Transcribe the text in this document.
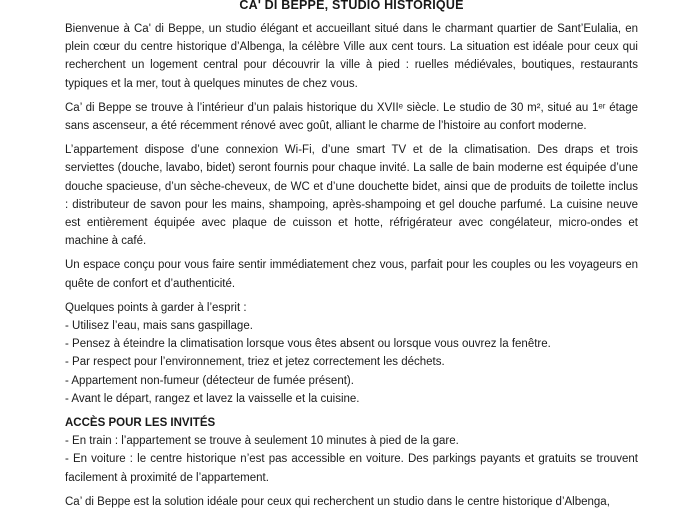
CA' DI BEPPE, STUDIO HISTORIQUE

Bienvenue à Ca' di Beppe, un studio élégant et accueillant situé dans le charmant quartier de Sant’Eulalia, en plein cœur du centre historique d’Albenga, la célèbre Ville aux cent tours. La situation est idéale pour ceux qui recherchent un logement central pour découvrir la ville à pied : ruelles médiévales, boutiques, restaurants typiques et la mer, tout à quelques minutes de chez vous.

Ca’ di Beppe se trouve à l’intérieur d’un palais historique du XVIIᵉ siècle. Le studio de 30 m², situé au 1ᵉʳ étage sans ascenseur, a été récemment rénové avec goût, alliant le charme de l’histoire au confort moderne.

L’appartement dispose d’une connexion Wi-Fi, d’une smart TV et de la climatisation. Des draps et trois serviettes (douche, lavabo, bidet) seront fournis pour chaque invité. La salle de bain moderne est équipée d’une douche spacieuse, d’un sèche-cheveux, de WC et d’une douchette bidet, ainsi que de produits de toilette inclus : distributeur de savon pour les mains, shampoing, après-shampoing et gel douche parfumé. La cuisine neuve est entièrement équipée avec plaque de cuisson et hotte, réfrigérateur avec congélateur, micro-ondes et machine à café.

Un espace conçu pour vous faire sentir immédiatement chez vous, parfait pour les couples ou les voyageurs en quête de confort et d’authenticité.

Quelques points à garder à l’esprit :
- Utilisez l’eau, mais sans gaspillage.
- Pensez à éteindre la climatisation lorsque vous êtes absent ou lorsque vous ouvrez la fenêtre.
- Par respect pour l’environnement, triez et jetez correctement les déchets.
- Appartement non-fumeur (détecteur de fumée présent).
- Avant le départ, rangez et lavez la vaisselle et la cuisine.
ACCÈS POUR LES INVITÉS
- En train : l’appartement se trouve à seulement 10 minutes à pied de la gare.
- En voiture : le centre historique n’est pas accessible en voiture. Des parkings payants et gratuits se trouvent facilement à proximité de l’appartement.

Ca’ di Beppe est la solution idéale pour ceux qui recherchent un studio dans le centre historique d’Albenga,
